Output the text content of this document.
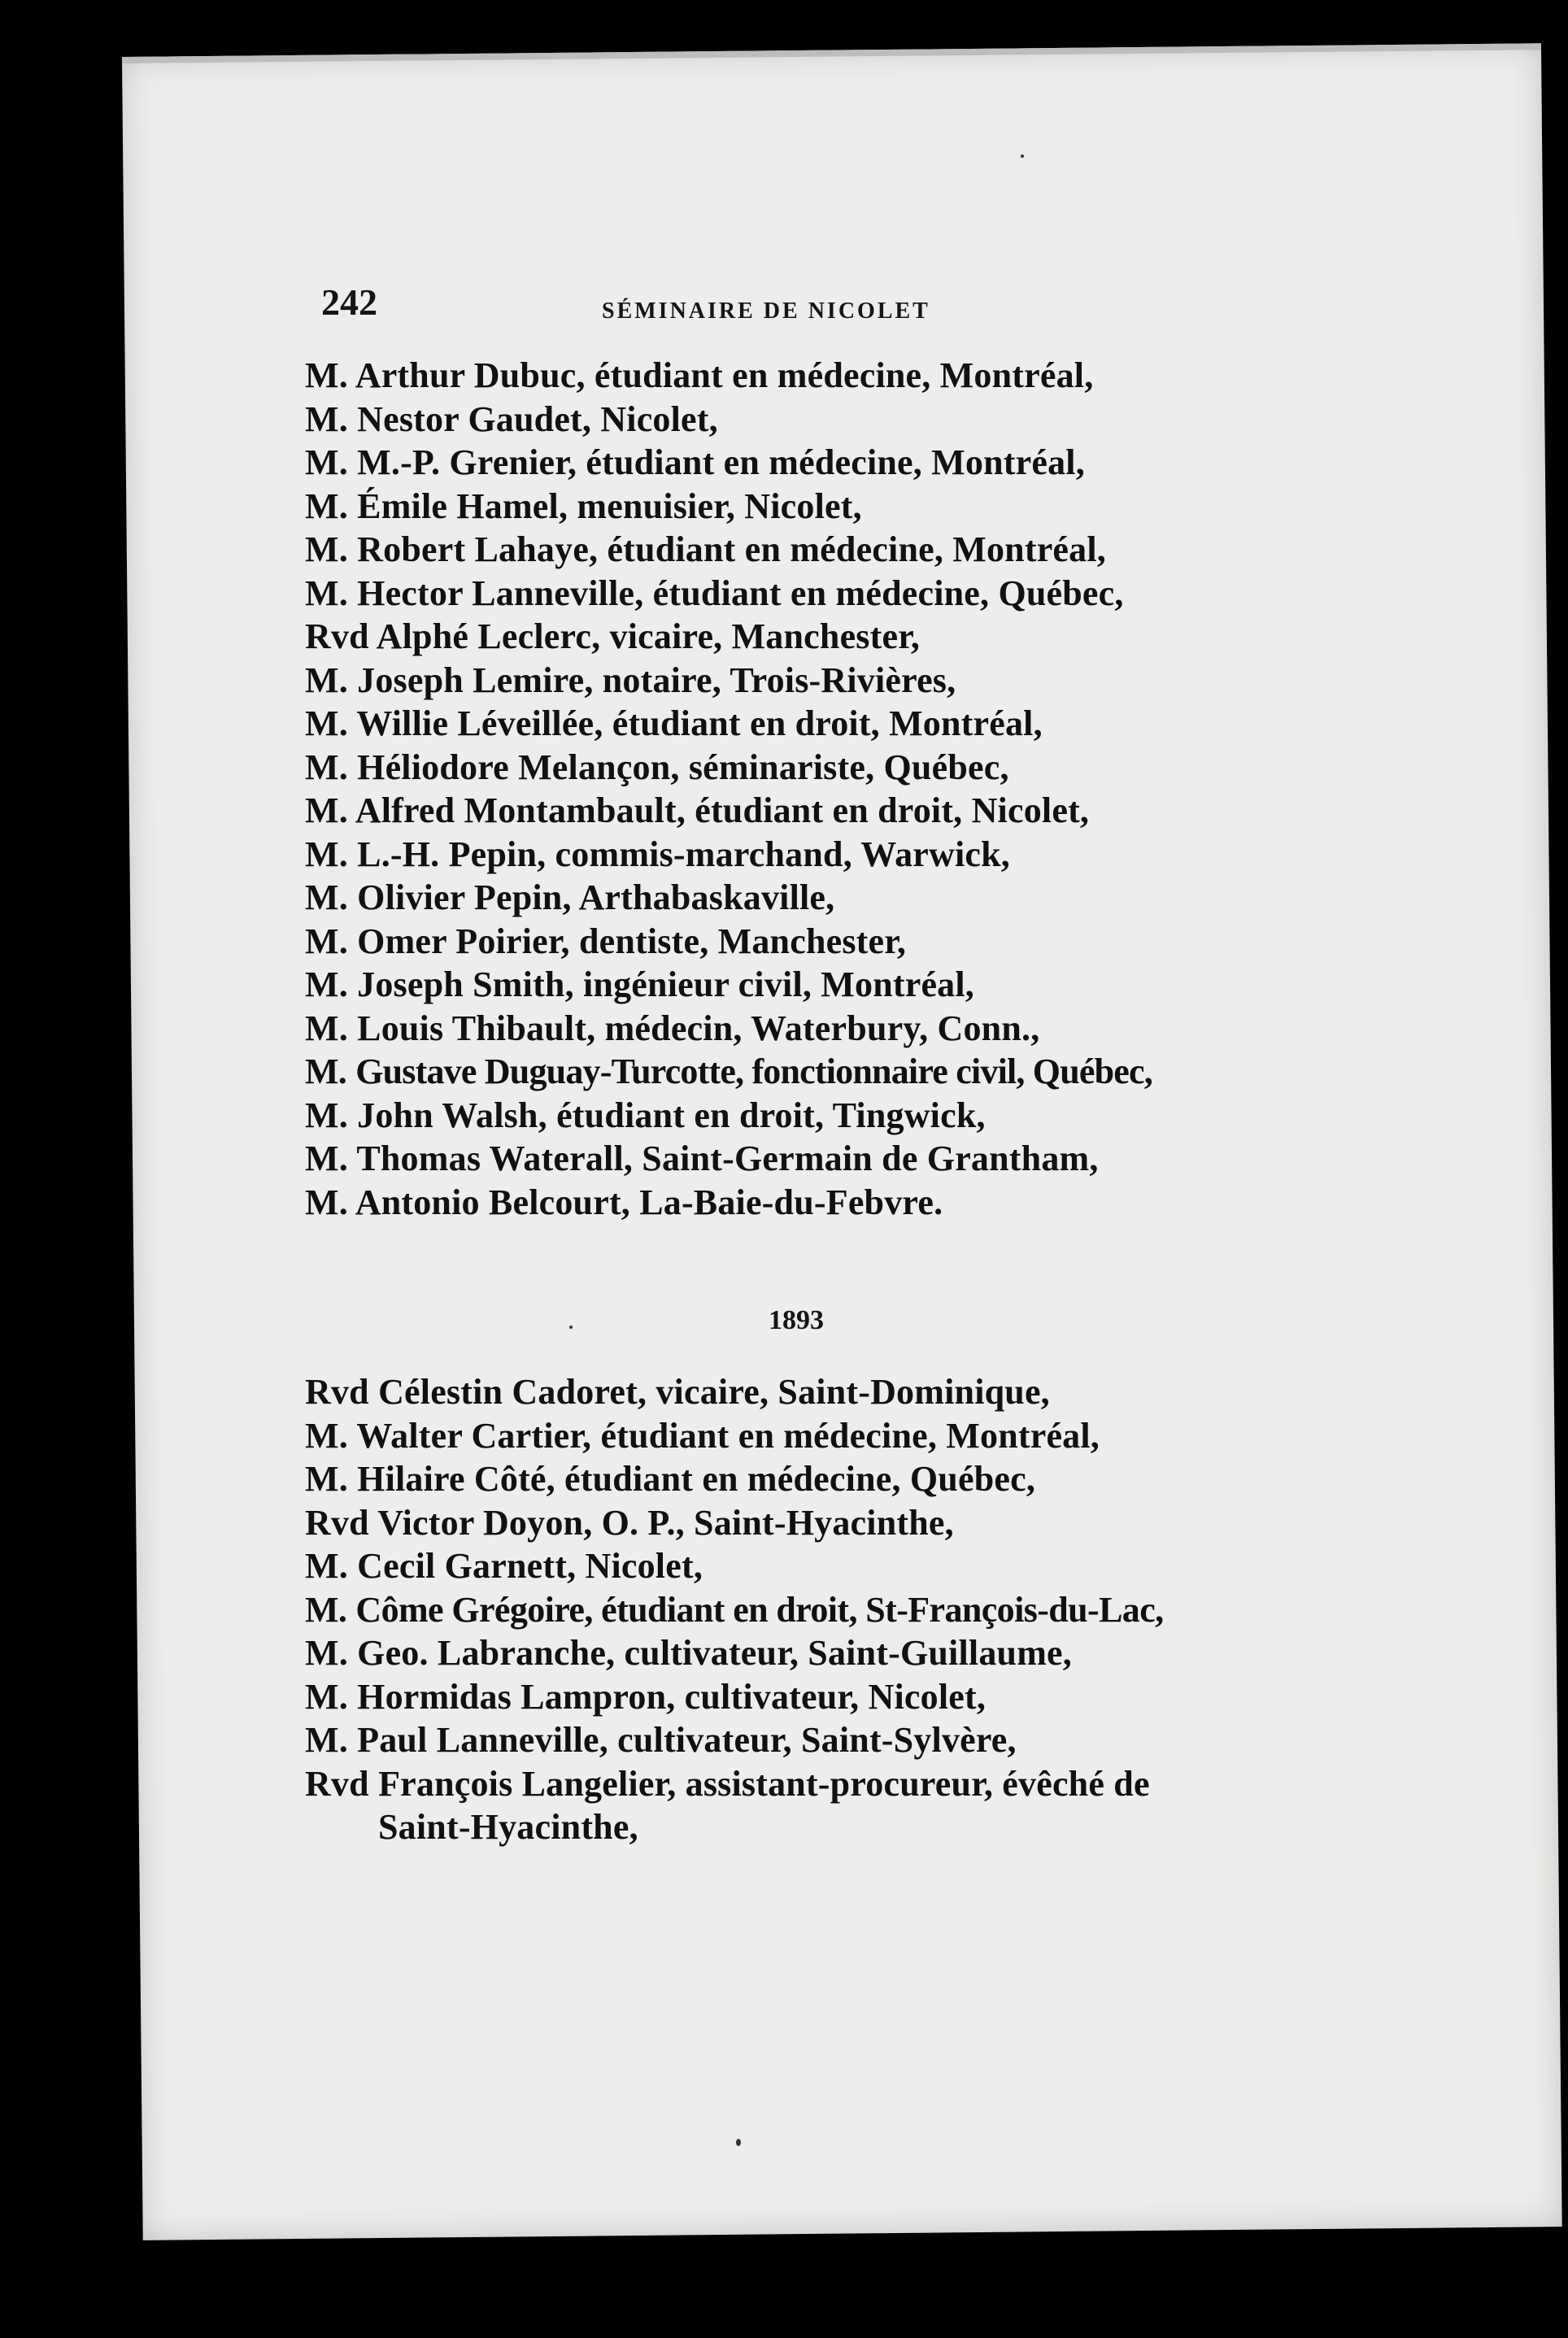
242	SÉMINAIRE DE NICOLET
M. Arthur Dubuc, étudiant en médecine, Montréal,
M. Nestor Gaudet, Nicolet,
M. M.-P. Grenier, étudiant en médecine, Montréal,
M. Émile Hamel, menuisier, Nicolet,
M. Robert Lahaye, étudiant en médecine, Montréal,
M. Hector Lanneville, étudiant en médecine, Québec,
Rvd Alphé Leclerc, vicaire, Manchester,
M. Joseph Lemire, notaire, Trois-Rivières,
M. Willie Léveillée, étudiant en droit, Montréal,
M. Héliodore Melançon, séminariste, Québec,
M. Alfred Montambault, étudiant en droit, Nicolet,
M. L.-H. Pepin, commis-marchand, Warwick,
M. Olivier Pepin, Arthabaskaville,
M. Omer Poirier, dentiste, Manchester,
M. Joseph Smith, ingénieur civil, Montréal,
M. Louis Thibault, médecin, Waterbury, Conn.,
M. Gustave Duguay-Turcotte, fonctionnaire civil, Québec,
M. John Walsh, étudiant en droit, Tingwick,
M. Thomas Waterall, Saint-Germain de Grantham,
M. Antonio Belcourt, La-Baie-du-Febvre.
1893
Rvd Célestin Cadoret, vicaire, Saint-Dominique,
M. Walter Cartier, étudiant en médecine, Montréal,
M. Hilaire Côté, étudiant en médecine, Québec,
Rvd Victor Doyon, O. P., Saint-Hyacinthe,
M. Cecil Garnett, Nicolet,
M. Côme Grégoire, étudiant en droit, St-François-du-Lac,
M. Geo. Labranche, cultivateur, Saint-Guillaume,
M. Hormidas Lampron, cultivateur, Nicolet,
M. Paul Lanneville, cultivateur, Saint-Sylvère,
Rvd François Langelier, assistant-procureur, évêché de
Saint-Hyacinthe,
